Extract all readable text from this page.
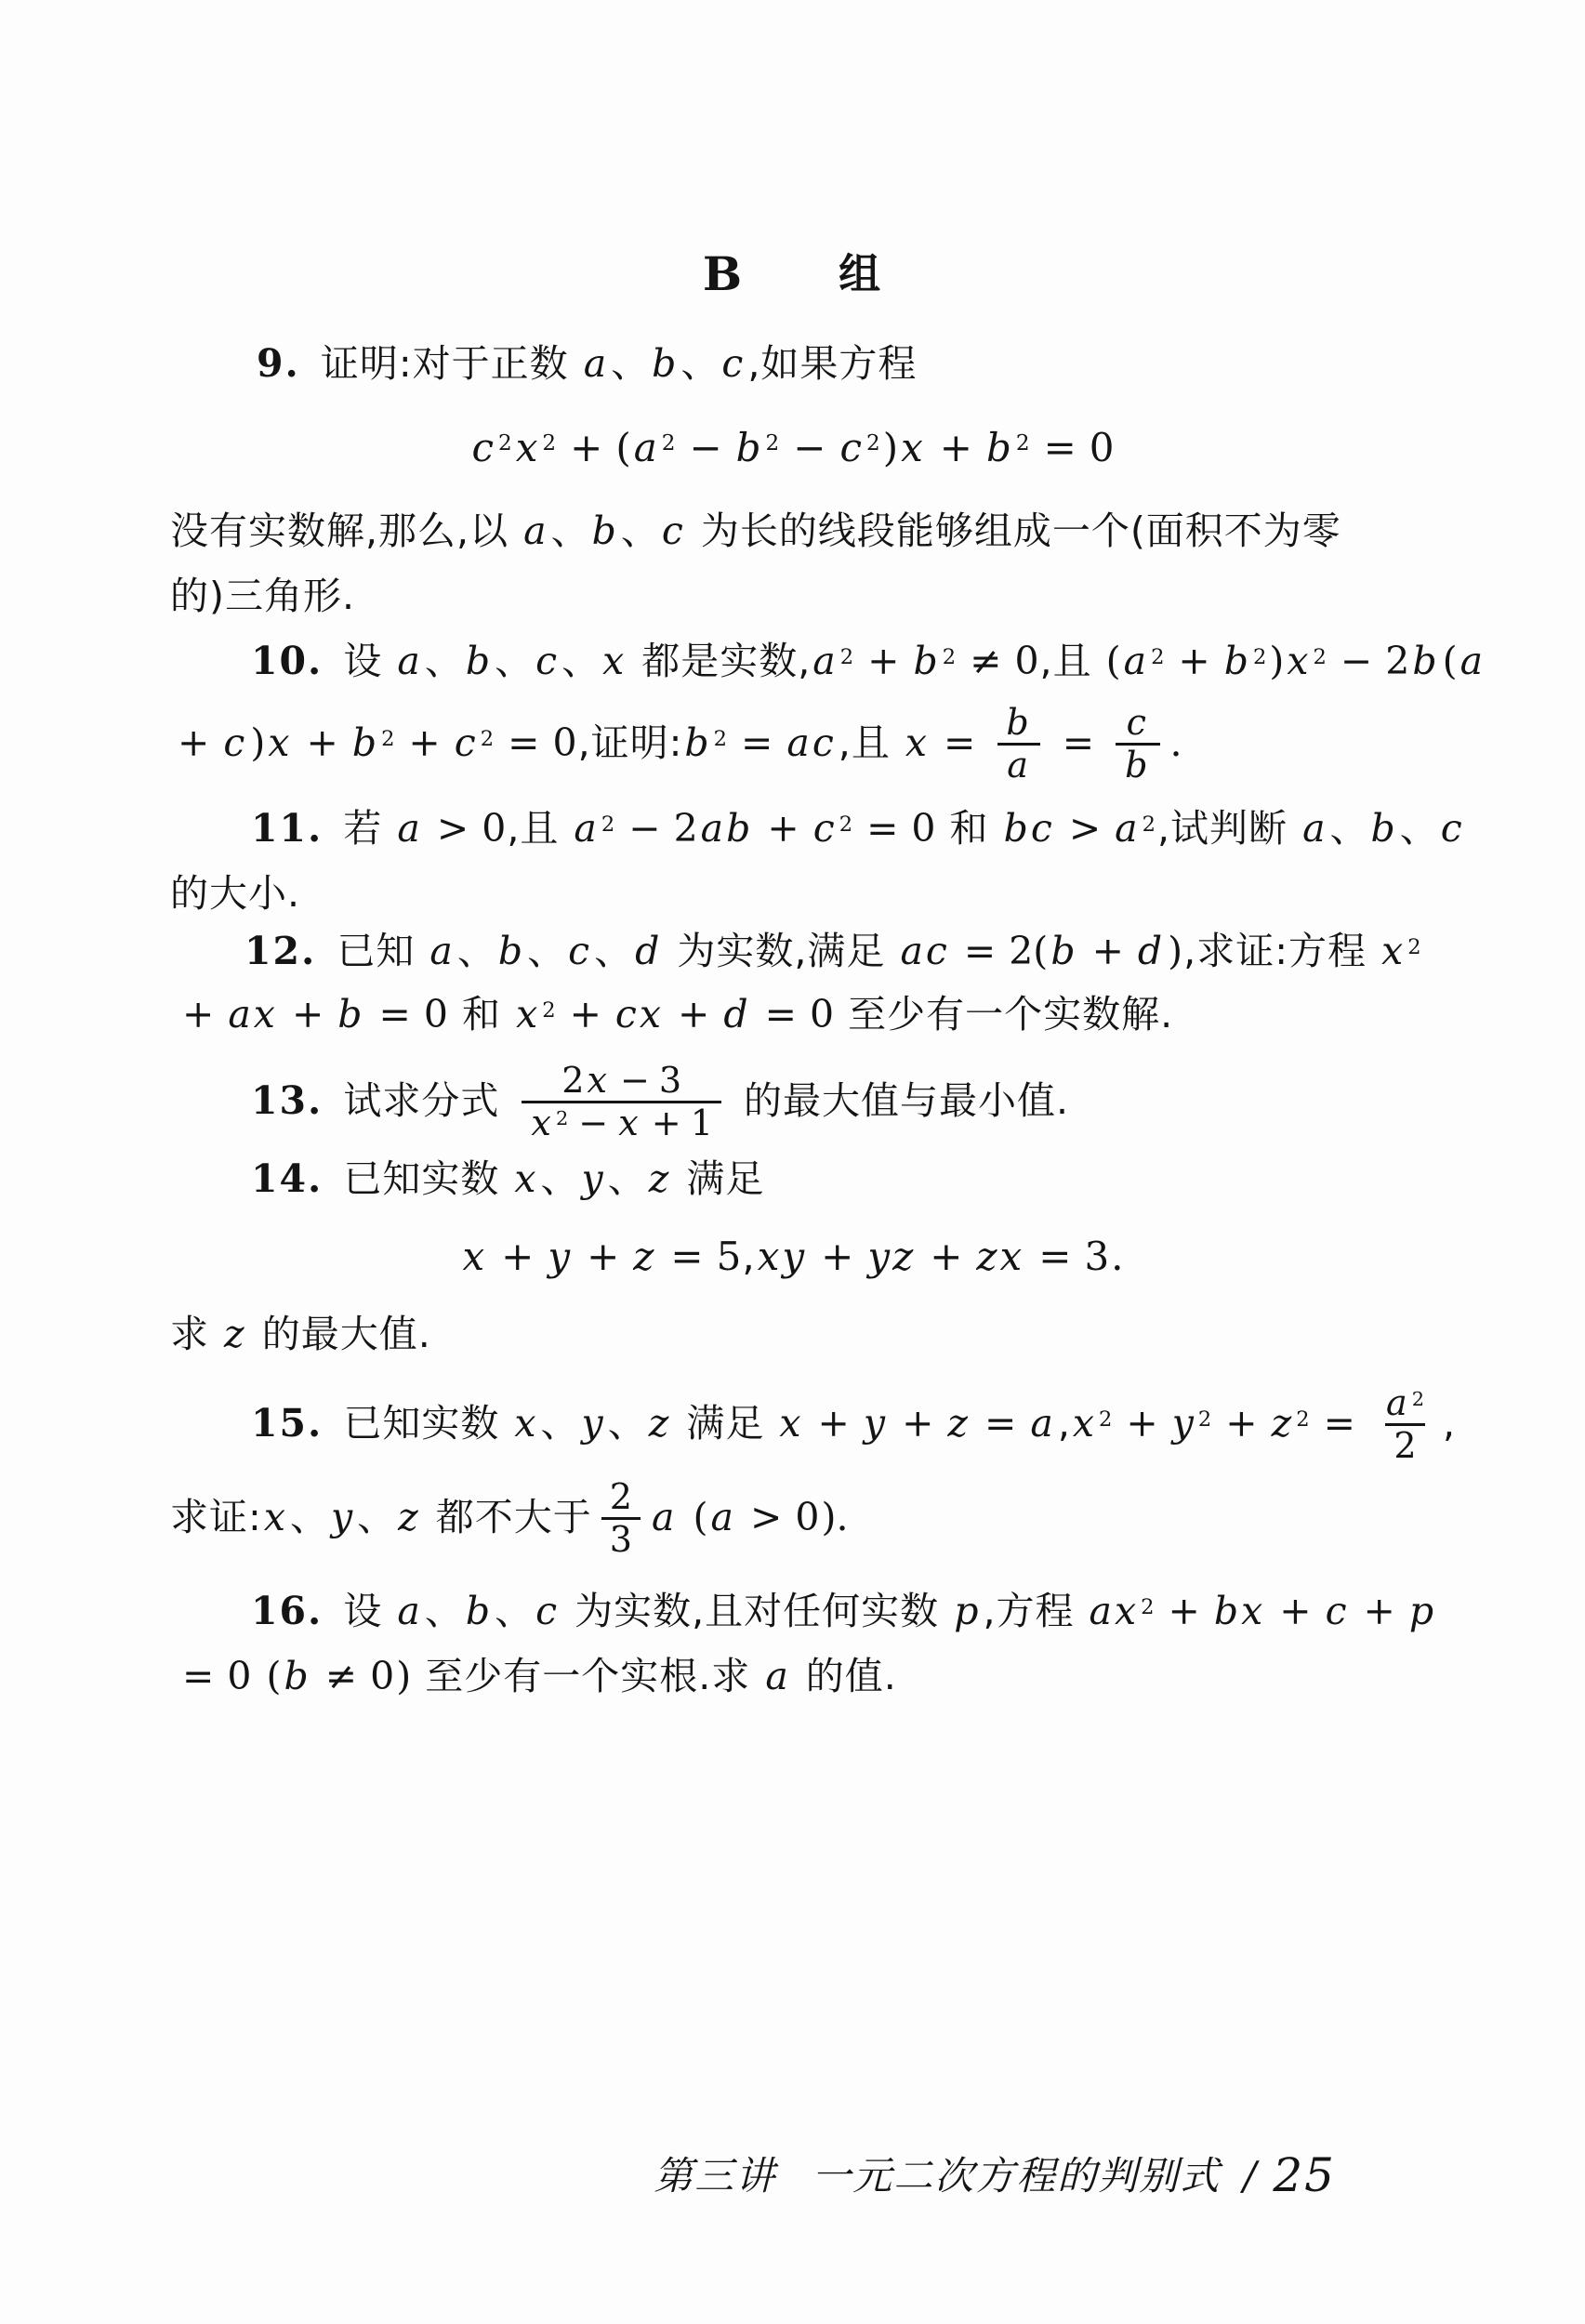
B 组
9. 证明:对于正数 a 、 b 、 c ,如果方程
$c^2$ $x^2$ + ( $a^2 - b^2 - c^2$ ) $x + b^2 = 0$
没有实数解,那么,以 a 、 b 、 c 为长的线段能够组成一个(面积不为零
的)三角形.
10. 设 a 、 b 、 c 、 x 都是实数, $a^2 + b^2 \ne 0$ ,且 ( $a^2 + b^2$ ) $x^2 - 2$ b ( a
+ c ) $x + b^2 + c^2 = 0$ ,证明: $b^2$ = ac ,且 $x = \frac{b}{a} = \frac{c}{b}$ .
11. 若 a > 0 ,且 $a^2 - 2$ ab + $c^2 = 0$ 和 bc > $a^2$ ,试判断 a 、 b 、 c
的大小.
12. 已知 a 、 b 、 c 、 d 为实数,满足 ac = 2( b + d ) ,求证:方程 $x^2$
+ ax + b = 0 和 $x^2$ + cx + d = 0 至少有一个实数解.
13. 试求分式 $\frac{2 x - 3}{x^2 - x + 1}$ 的最大值与最小值.
14. 已知实数 x 、 y 、 z 满足
x + y + z = 5 , xy + yz + zx = 3 .
求 z 的最大值.
15. 已知实数 x 、 y 、 z 满足 x + y + z = a , $x^2 + y^2 + z^2 = \frac{a^2}{2}$ ,
求证: x 、 y 、 z 都不大于 $\frac{2}{3}$ a
( a > 0 ).
16. 设 a 、 b 、 c 为实数,且对任何实数 p ,方程 $ax^2$ + bx + c + p
= 0
( b ≠ 0 ) 至少有一个实根.求 a 的值.
第三讲 一元二次方程的判别式 / 25
